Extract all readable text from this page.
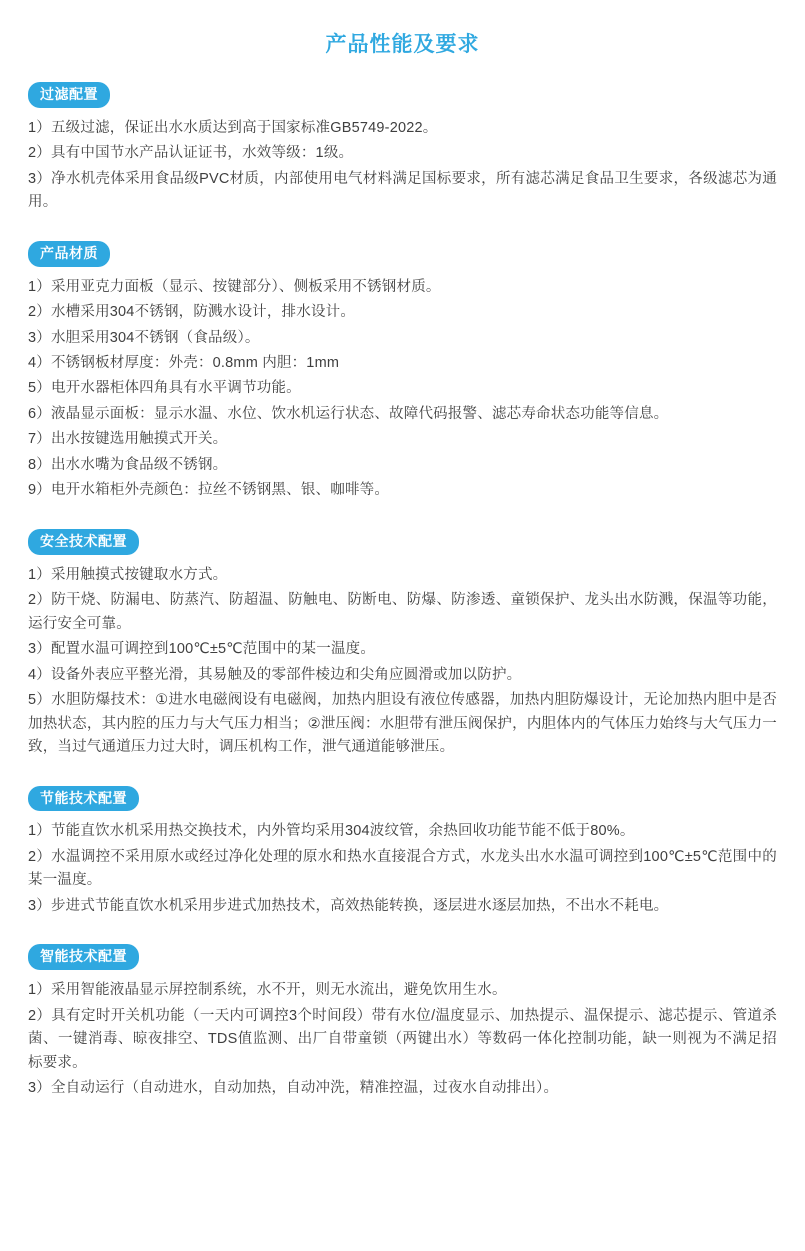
产品性能及要求
过滤配置

1）五级过滤，保证出水水质达到高于国家标准GB5749-2022。

2）具有中国节水产品认证证书，水效等级：1级。

3）净水机壳体采用食品级PVC材质，内部使用电气材料满足国标要求，所有滤芯满足食品卫生要求，各级滤芯为通用。

产品材质

1）采用亚克力面板（显示、按键部分）、侧板采用不锈钢材质。

2）水槽采用304不锈钢，防溅水设计，排水设计。

3）水胆采用304不锈钢（食品级）。

4）不锈钢板材厚度：外壳：0.8mm 内胆：1mm

5）电开水器柜体四角具有水平调节功能。

6）液晶显示面板：显示水温、水位、饮水机运行状态、故障代码报警、滤芯寿命状态功能等信息。

7）出水按键选用触摸式开关。

8）出水水嘴为食品级不锈钢。

9）电开水箱柜外壳颜色：拉丝不锈钢黑、银、咖啡等。

安全技术配置

1）采用触摸式按键取水方式。

2）防干烧、防漏电、防蒸汽、防超温、防触电、防断电、防爆、防渗透、童锁保护、龙头出水防溅，保温等功能，运行安全可靠。

3）配置水温可调控到100℃±5℃范围中的某一温度。

4）设备外表应平整光滑，其易触及的零部件棱边和尖角应圆滑或加以防护。

5）水胆防爆技术：①进水电磁阀设有电磁阀，加热内胆设有液位传感器，加热内胆防爆设计，无论加热内胆中是否加热状态，其内腔的压力与大气压力相当；②泄压阀：水胆带有泄压阀保护，内胆体内的气体压力始终与大气压力一致，当过气通道压力过大时，调压机构工作，泄气通道能够泄压。

节能技术配置

1）节能直饮水机采用热交换技术，内外管均采用304波纹管，余热回收功能节能不低于80%。

2）水温调控不采用原水或经过净化处理的原水和热水直接混合方式，水龙头出水水温可调控到100℃±5℃范围中的某一温度。

3）步进式节能直饮水机采用步进式加热技术，高效热能转换，逐层进水逐层加热，不出水不耗电。

智能技术配置

1）采用智能液晶显示屏控制系统，水不开，则无水流出，避免饮用生水。

2）具有定时开关机功能（一天内可调控3个时间段）带有水位/温度显示、加热提示、温保提示、滤芯提示、管道杀菌、一键消毒、晾夜排空、TDS值监测、出厂自带童锁（两键出水）等数码一体化控制功能，缺一则视为不满足招标要求。

3）全自动运行（自动进水，自动加热，自动冲洗，精准控温，过夜水自动排出）。
